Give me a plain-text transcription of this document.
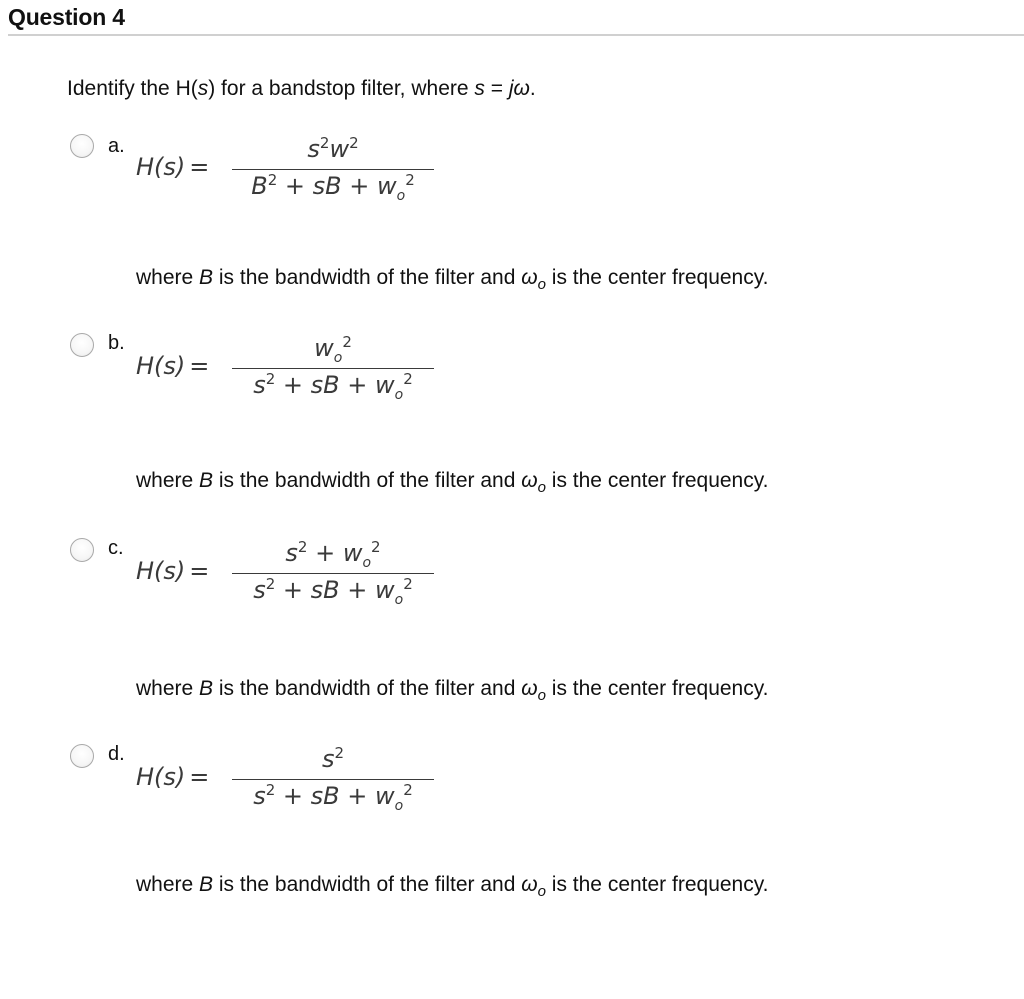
Question 4
Identify the H(s) for a bandstop filter, where s = jω.
a.
H(s) =
$s^2w^2$
$B^2$ + sB + $w_o^2$
where B is the bandwidth of the filter and $\omega_o$ is the center frequency.
b.
H(s) =
$w_o^2$
$s^2$ + sB + $w_o^2$
where B is the bandwidth of the filter and $\omega_o$ is the center frequency.
c.
H(s) =
$s^2 + w_o^2$
$s^2$ + sB + $w_o^2$
where B is the bandwidth of the filter and $\omega_o$ is the center frequency.
d.
H(s) =
$s^2$
$s^2$ + sB + $w_o^2$
where B is the bandwidth of the filter and $\omega_o$ is the center frequency.
